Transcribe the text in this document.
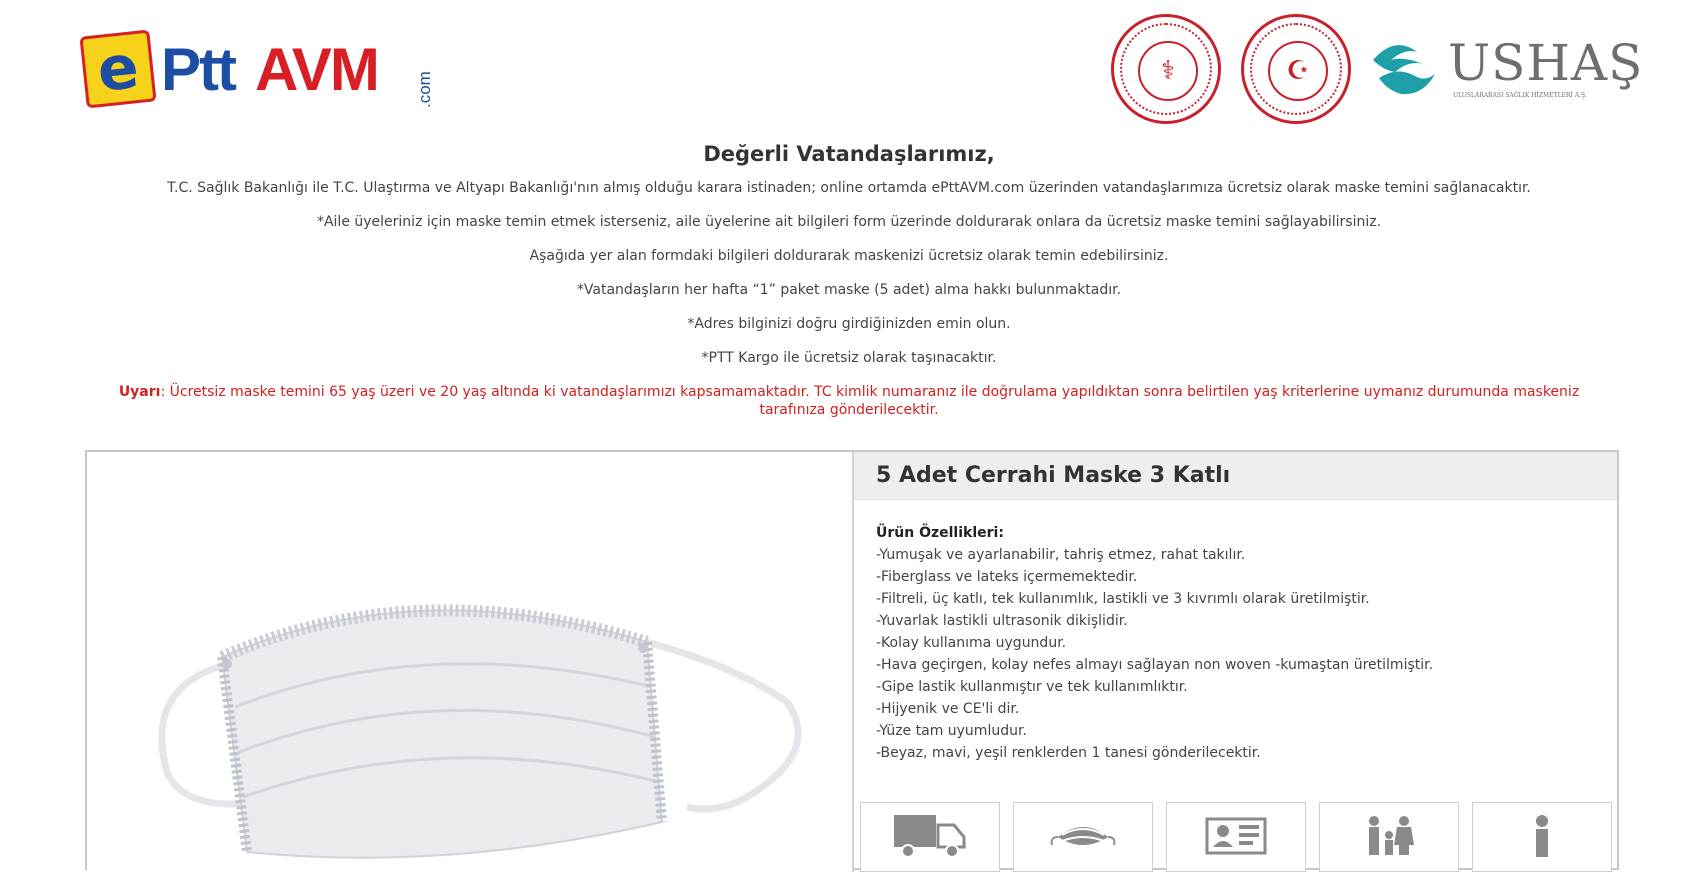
e Ptt AVM .com
⚕	☪	USHAŞ
ULUSLARARASI SAĞLIK HİZMETLERİ A.Ş.
Değerli Vatandaşlarımız,

T.C. Sağlık Bakanlığı ile T.C. Ulaştırma ve Altyapı Bakanlığı'nın almış olduğu karara istinaden; online ortamda ePttAVM.com üzerinden vatandaşlarımıza ücretsiz olarak maske temini sağlanacaktır.

*Aile üyeleriniz için maske temin etmek isterseniz, aile üyelerine ait bilgileri form üzerinde doldurarak onlara da ücretsiz maske temini sağlayabilirsiniz.

Aşağıda yer alan formdaki bilgileri doldurarak maskenizi ücretsiz olarak temin edebilirsiniz.

*Vatandaşların her hafta “1” paket maske (5 adet) alma hakkı bulunmaktadır.

*Adres bilginizi doğru girdiğinizden emin olun.

*PTT Kargo ile ücretsiz olarak taşınacaktır.

Uyarı: Ücretsiz maske temini 65 yaş üzeri ve 20 yaş altında ki vatandaşlarımızı kapsamamaktadır. TC kimlik numaranız ile doğrulama yapıldıktan sonra belirtilen yaş kriterlerine uymanız durumunda maskeniz tarafınıza gönderilecektir.
5 Adet Cerrahi Maske 3 Katlı
Ürün Özellikleri:
-Yumuşak ve ayarlanabilir, tahriş etmez, rahat takılır.
-Fiberglass ve lateks içermemektedir.
-Filtreli, üç katlı, tek kullanımlık, lastikli ve 3 kıvrımlı olarak üretilmiştir.
-Yuvarlak lastikli ultrasonik dikişlidir.
-Kolay kullanıma uygundur.
-Hava geçirgen, kolay nefes almayı sağlayan non woven -kumaştan üretilmiştir.
-Gipe lastik kullanmıştır ve tek kullanımlıktır.
-Hijyenik ve CE'li dir.
-Yüze tam uyumludur.
-Beyaz, mavi, yeşil renklerden 1 tanesi gönderilecektir.
